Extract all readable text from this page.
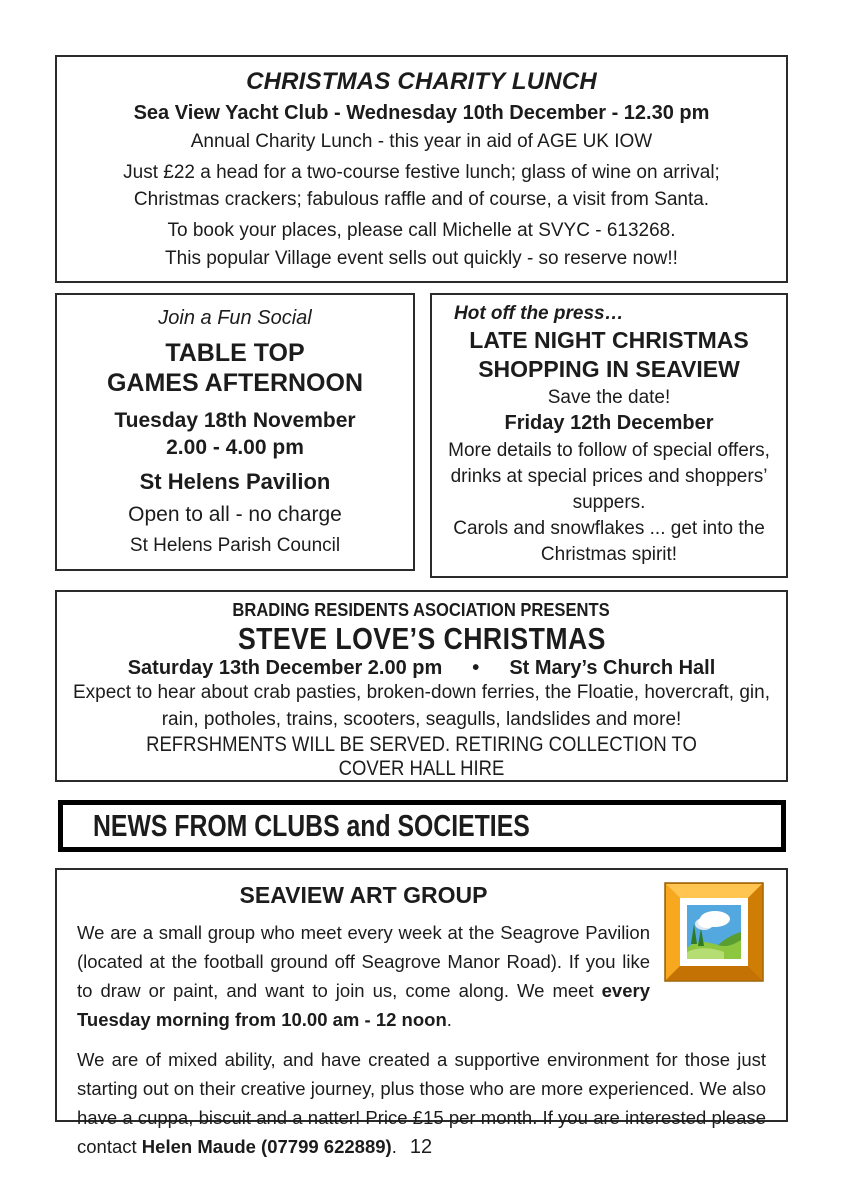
CHRISTMAS CHARITY LUNCH

Sea View Yacht Club - Wednesday 10th December - 12.30 pm

Annual Charity Lunch - this year in aid of AGE UK IOW

Just £22 a head for a two-course festive lunch; glass of wine on arrival; Christmas crackers; fabulous raffle and of course, a visit from Santa.

To book your places, please call Michelle at SVYC - 613268.

This popular Village event sells out quickly - so reserve now!!

Join a Fun Social

TABLE TOP
GAMES AFTERNOON

Tuesday 18th November
2.00 - 4.00 pm

St Helens Pavilion

Open to all - no charge

St Helens Parish Council

Hot off the press…

LATE NIGHT CHRISTMAS
SHOPPING IN SEAVIEW

Save the date!
Friday 12th December

More details to follow of special offers, drinks at special prices and shoppers’ suppers.

Carols and snowflakes ... get into the Christmas spirit!

BRADING RESIDENTS ASOCIATION PRESENTS

STEVE LOVE’S CHRISTMAS
Saturday 13th December 2.00 pm • St Mary’s Church Hall

Expect to hear about crab pasties, broken-down ferries, the Floatie, hovercraft, gin, rain, potholes, trains, scooters, seagulls, landslides and more!

REFRSHMENTS WILL BE SERVED. RETIRING COLLECTION TO COVER HALL HIRE

NEWS FROM CLUBS and SOCIETIES
SEAVIEW ART GROUP

We are a small group who meet every week at the Seagrove Pavilion (located at the football ground off Seagrove Manor Road). If you like to draw or paint, and want to join us, come along. We meet every Tuesday morning from 10.00 am - 12 noon.

We are of mixed ability, and have created a supportive environment for those just starting out on their creative journey, plus those who are more experienced. We also have a cuppa, biscuit and a natter! Price £15 per month. If you are interested please contact Helen Maude (07799 622889). 12
